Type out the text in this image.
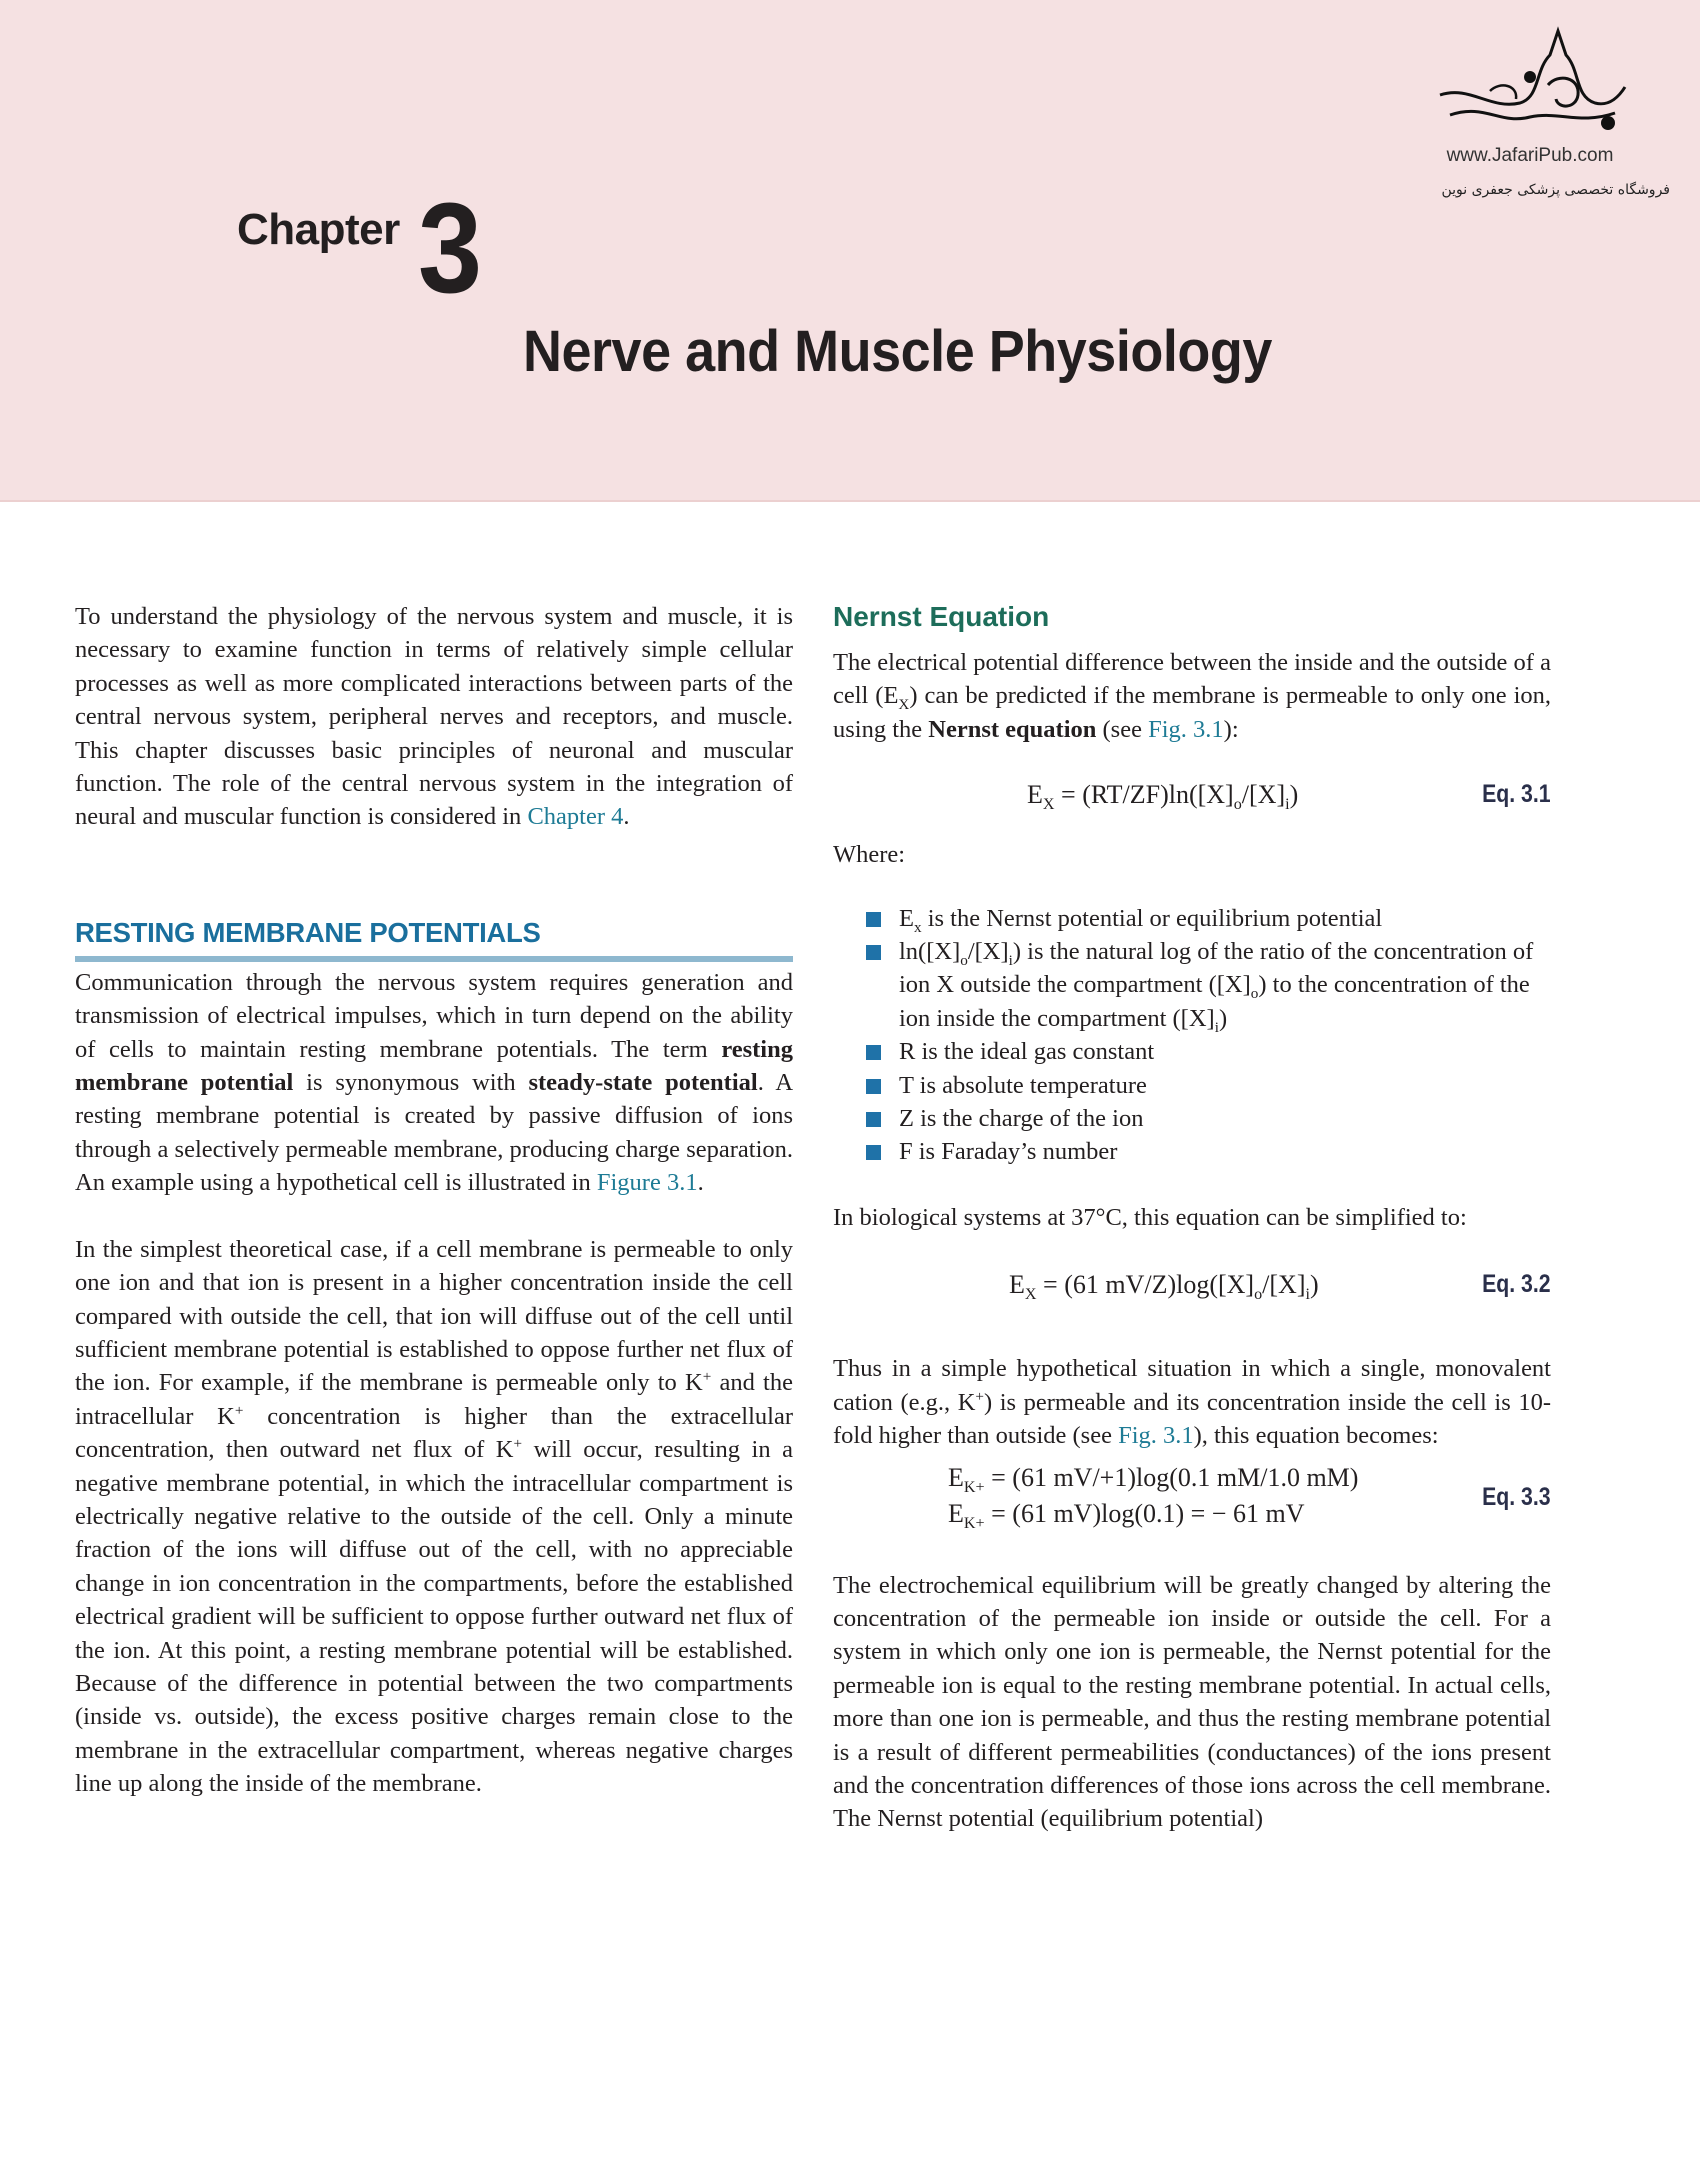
www.JafariPub.com
فروشگاه تخصصی پزشکی جعفری نوین
Chapter 3
Nerve and Muscle Physiology

To understand the physiology of the nervous system and muscle, it is necessary to examine function in terms of relatively simple cellular processes as well as more complicated interactions between parts of the central nervous system, peripheral nerves and receptors, and muscle. This chapter discusses basic principles of neuronal and muscular function. The role of the central nervous system in the integration of neural and muscular function is considered in Chapter 4.

RESTING MEMBRANE POTENTIALS

Communication through the nervous system requires generation and transmission of electrical impulses, which in turn depend on the ability of cells to maintain resting membrane potentials. The term resting membrane potential is synonymous with steady-state potential. A resting membrane potential is created by passive diffusion of ions through a selectively permeable membrane, producing charge separation. An example using a hypothetical cell is illustrated in Figure 3.1.

In the simplest theoretical case, if a cell membrane is permeable to only one ion and that ion is present in a higher concentration inside the cell compared with outside the cell, that ion will diffuse out of the cell until sufficient membrane potential is established to oppose further net flux of the ion. For example, if the membrane is permeable only to K+ and the intracellular K+ concentration is higher than the extracellular concentration, then outward net flux of K+ will occur, resulting in a negative membrane potential, in which the intracellular compartment is electrically negative relative to the outside of the cell. Only a minute fraction of the ions will diffuse out of the cell, with no appreciable change in ion concentration in the compartments, before the established electrical gradient will be sufficient to oppose further outward net flux of the ion. At this point, a resting membrane potential will be established. Because of the difference in potential between the two compartments (inside vs. outside), the excess positive charges remain close to the membrane in the extracellular compartment, whereas negative charges line up along the inside of the membrane.

Nernst Equation

The electrical potential difference between the inside and the outside of a cell $(E_X)$ can be predicted if the membrane is permeable to only one ion, using the Nernst equation (see Fig. 3.1):

$E_X = (RT/ZF)\ln([X]_o/[X]_i)$	Eq. 3.1

Where:

$E_x$ is the Nernst potential or equilibrium potential
$\ln([X]_o/[X]_i)$ is the natural log of the ratio of the concentration of ion X outside the compartment $([X]_o)$ to the concentration of the ion inside the compartment $([X]_i)$
R is the ideal gas constant
T is absolute temperature
Z is the charge of the ion
F is Faraday’s number

In biological systems at 37°C, this equation can be simplified to:

$E_X = (61$ $mV/Z)\log([X]_o/[X]_i)$	Eq. 3.2

Thus in a simple hypothetical situation in which a single, monovalent cation (e.g., K+) is permeable and its concentration inside the cell is 10-fold higher than outside (see Fig. 3.1), this equation becomes:

$E_{K+} = (61$ mV/+1)log(0.1 mM/1.0 mM)
$E_{K+} = (61$ mV)log(0.1) = − 61 mV
Eq. 3.3

The electrochemical equilibrium will be greatly changed by altering the concentration of the permeable ion inside or outside the cell. For a system in which only one ion is permeable, the Nernst potential for the permeable ion is equal to the resting membrane potential. In actual cells, more than one ion is permeable, and thus the resting membrane potential is a result of different permeabilities (conductances) of the ions present and the concentration differences of those ions across the cell membrane. The Nernst potential (equilibrium potential)
